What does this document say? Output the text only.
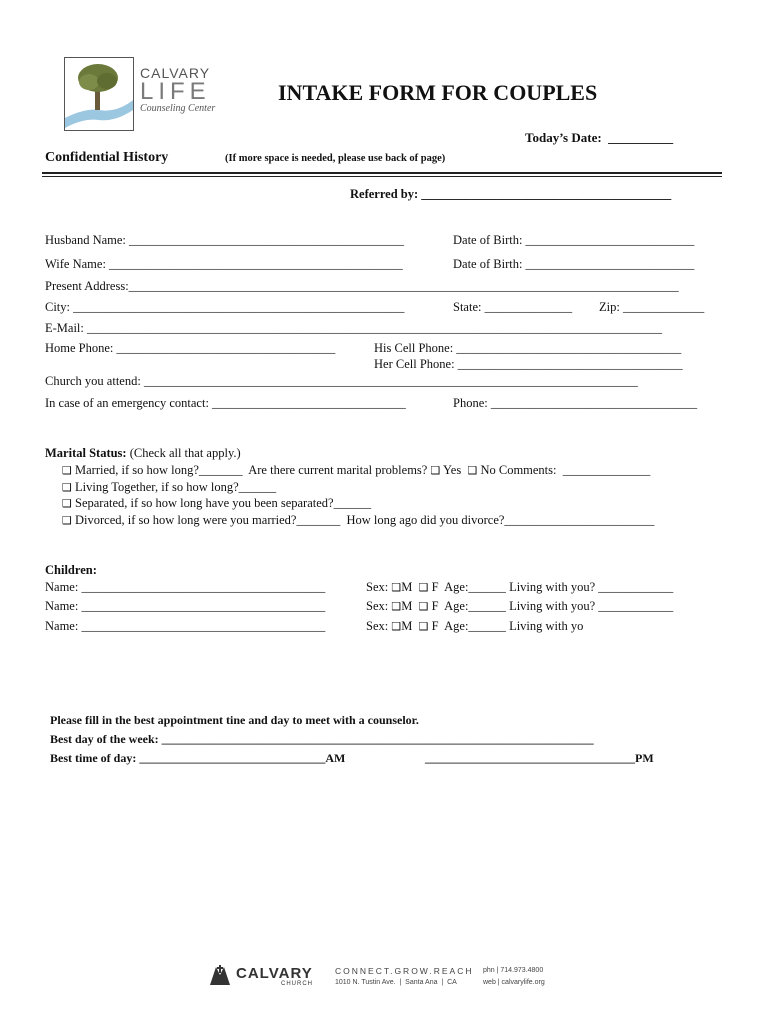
CALVARY
LIFE
Counseling Center
INTAKE FORM FOR COUPLES
Today’s Date:  __________
Confidential History	(If more space is needed, please use back of page)
Referred by: ________________________________________
Husband Name: ____________________________________________	Date of Birth: ___________________________
Wife Name: _______________________________________________	Date of Birth: ___________________________
Present Address:________________________________________________________________________________________
City: _____________________________________________________	State: ______________ Zip: _____________
E-Mail: ____________________________________________________________________________________________
Home Phone: ___________________________________	His Cell Phone: ____________________________________
Her Cell Phone: ____________________________________
Church you attend: _______________________________________________________________________________
In case of an emergency contact: _______________________________	Phone: _________________________________
Marital Status: (Check all that apply.)
❑ Married, if so how long?_______  Are there current marital problems? ❑ Yes ❑ No Comments:  ______________
❑ Living Together, if so how long?______
❑ Separated, if so how long have you been separated?______
❑ Divorced, if so how long were you married?_______  How long ago did you divorce?________________________
Children:
Name: _______________________________________	Sex: ❑M ❑ F Age:______ Living with you? ____________
Name: _______________________________________	Sex: ❑M ❑ F Age:______ Living with you? ____________
Name: _______________________________________	Sex: ❑M ❑ F Age:______ Living with yo
Please fill in the best appointment tine and day to meet with a counselor.
Best day of the week: ________________________________________________________________________
Best time of day: _______________________________AM	___________________________________PM
CALVARY
CHURCH
CONNECT.GROW.REACH
1010 N. Tustin Ave.  |  Santa Ana  |  CA
phn | 714.973.4800
web | calvarylife.org
